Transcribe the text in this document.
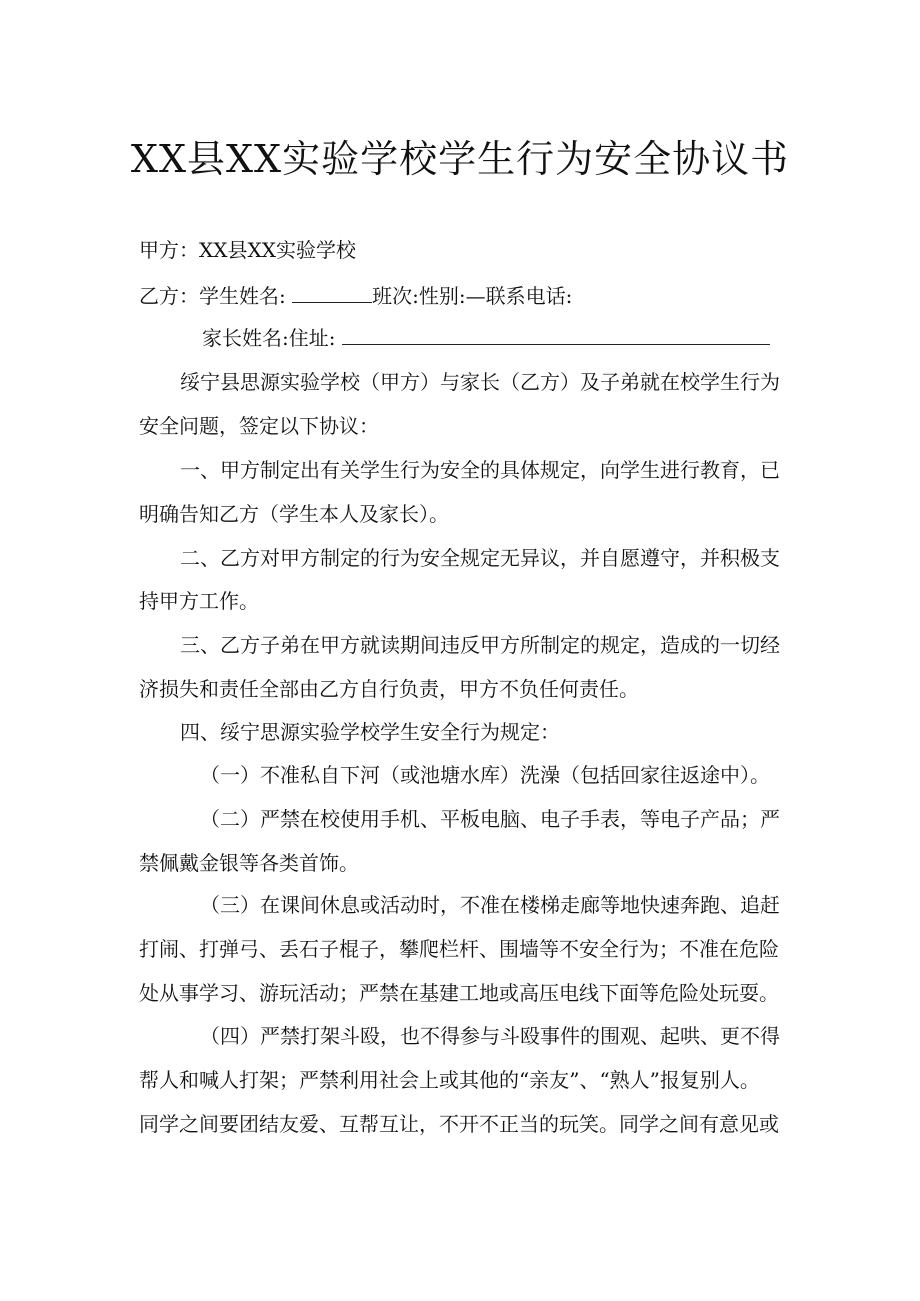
XX县XX实验学校学生行为安全协议书
甲方：XX县XX实验学校
乙方：学生姓名:	班次:性别:—联系电话:
家长姓名:住址:
绥宁县思源实验学校（甲方）与家长（乙方）及子弟就在校学生行为
安全问题，签定以下协议：
一、甲方制定出有关学生行为安全的具体规定，向学生进行教育，已
明确告知乙方（学生本人及家长）。
二、乙方对甲方制定的行为安全规定无异议，并自愿遵守，并积极支
持甲方工作。
三、乙方子弟在甲方就读期间违反甲方所制定的规定，造成的一切经
济损失和责任全部由乙方自行负责，甲方不负任何责任。
四、绥宁思源实验学校学生安全行为规定：
（一）不准私自下河（或池塘水库）洗澡（包括回家往返途中）。
（二）严禁在校使用手机、平板电脑、电子手表，等电子产品；严
禁佩戴金银等各类首饰。
（三）在课间休息或活动时，不准在楼梯走廊等地快速奔跑、追赶
打闹、打弹弓、丢石子棍子，攀爬栏杆、围墙等不安全行为；不准在危险
处从事学习、游玩活动；严禁在基建工地或高压电线下面等危险处玩耍。
（四）严禁打架斗殴，也不得参与斗殴事件的围观、起哄、更不得
帮人和喊人打架；严禁利用社会上或其他的“亲友”、“熟人”报复别人。
同学之间要团结友爱、互帮互让，不开不正当的玩笑。同学之间有意见或
